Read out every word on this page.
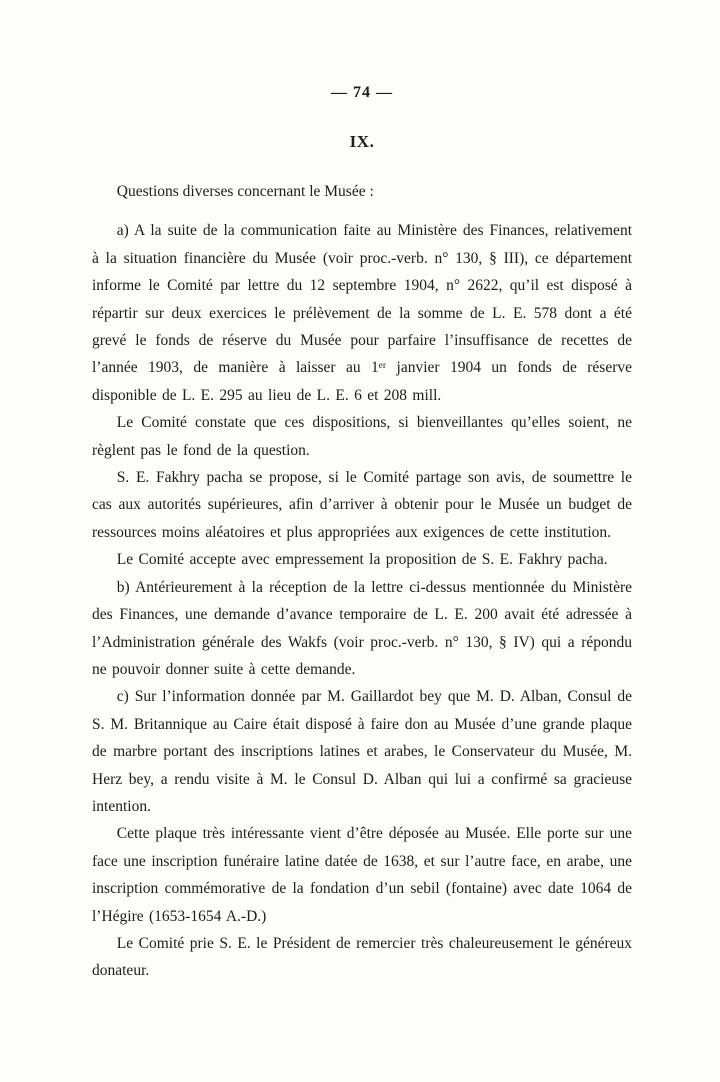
— 74 —
IX.

Questions diverses concernant le Musée :

a) A la suite de la communication faite au Ministère des Finances, relativement à la situation financière du Musée (voir proc.-verb. n° 130, § III), ce département informe le Comité par lettre du 12 septembre 1904, n° 2622, qu’il est disposé à répartir sur deux exercices le prélèvement de la somme de L. E. 578 dont a été grevé le fonds de réserve du Musée pour parfaire l’insuffisance de recettes de l’année 1903, de manière à laisser au 1ᵉʳ janvier 1904 un fonds de réserve disponible de L. E. 295 au lieu de L. E. 6 et 208 mill.

Le Comité constate que ces dispositions, si bienveillantes qu’elles soient, ne règlent pas le fond de la question.

S. E. Fakhry pacha se propose, si le Comité partage son avis, de soumettre le cas aux autorités supérieures, afin d’arriver à obtenir pour le Musée un budget de ressources moins aléatoires et plus appropriées aux exigences de cette institution.

Le Comité accepte avec empressement la proposition de S. E. Fakhry pacha.

b) Antérieurement à la réception de la lettre ci-dessus mentionnée du Ministère des Finances, une demande d’avance temporaire de L. E. 200 avait été adressée à l’Administration générale des Wakfs (voir proc.-verb. n° 130, § IV) qui a répondu ne pouvoir donner suite à cette demande.

c) Sur l’information donnée par M. Gaillardot bey que M. D. Alban, Consul de S. M. Britannique au Caire était disposé à faire don au Musée d’une grande plaque de marbre portant des inscriptions latines et arabes, le Conservateur du Musée, M. Herz bey, a rendu visite à M. le Consul D. Alban qui lui a confirmé sa gracieuse intention.

Cette plaque très intéressante vient d’être déposée au Musée. Elle porte sur une face une inscription funéraire latine datée de 1638, et sur l’autre face, en arabe, une inscription commémorative de la fondation d’un sebil (fontaine) avec date 1064 de l’Hégire (1653-1654 A.-D.)

Le Comité prie S. E. le Président de remercier très chaleureusement le généreux donateur.
